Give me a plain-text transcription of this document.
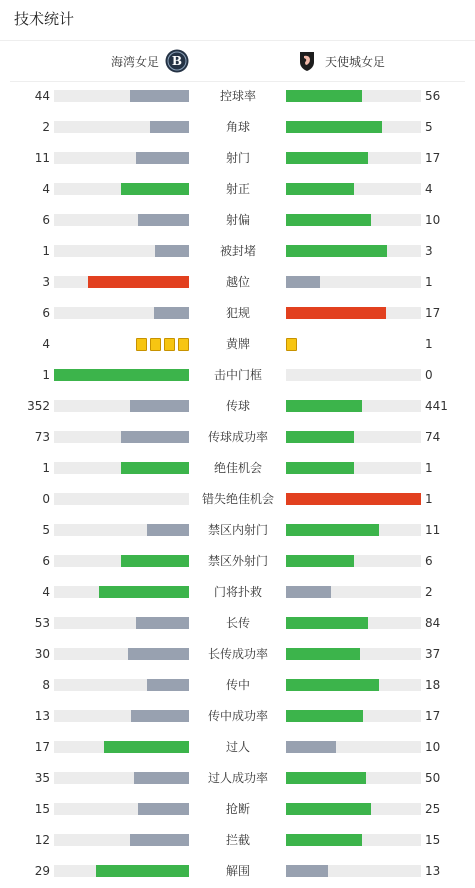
技术统计
海湾女足 B	天使城女足
44	控球率	56
2	角球	5
11	射门	17
4	射正	4
6	射偏	10
1	被封堵	3
3	越位	1
6	犯规	17
4	黄牌	1
1	击中门框	0
352	传球	441
73	传球成功率	74
1	绝佳机会	1
0	错失绝佳机会	1
5	禁区内射门	11
6	禁区外射门	6
4	门将扑救	2
53	长传	84
30	长传成功率	37
8	传中	18
13	传中成功率	17
17	过人	10
35	过人成功率	50
15	抢断	25
12	拦截	15
29	解围	13
